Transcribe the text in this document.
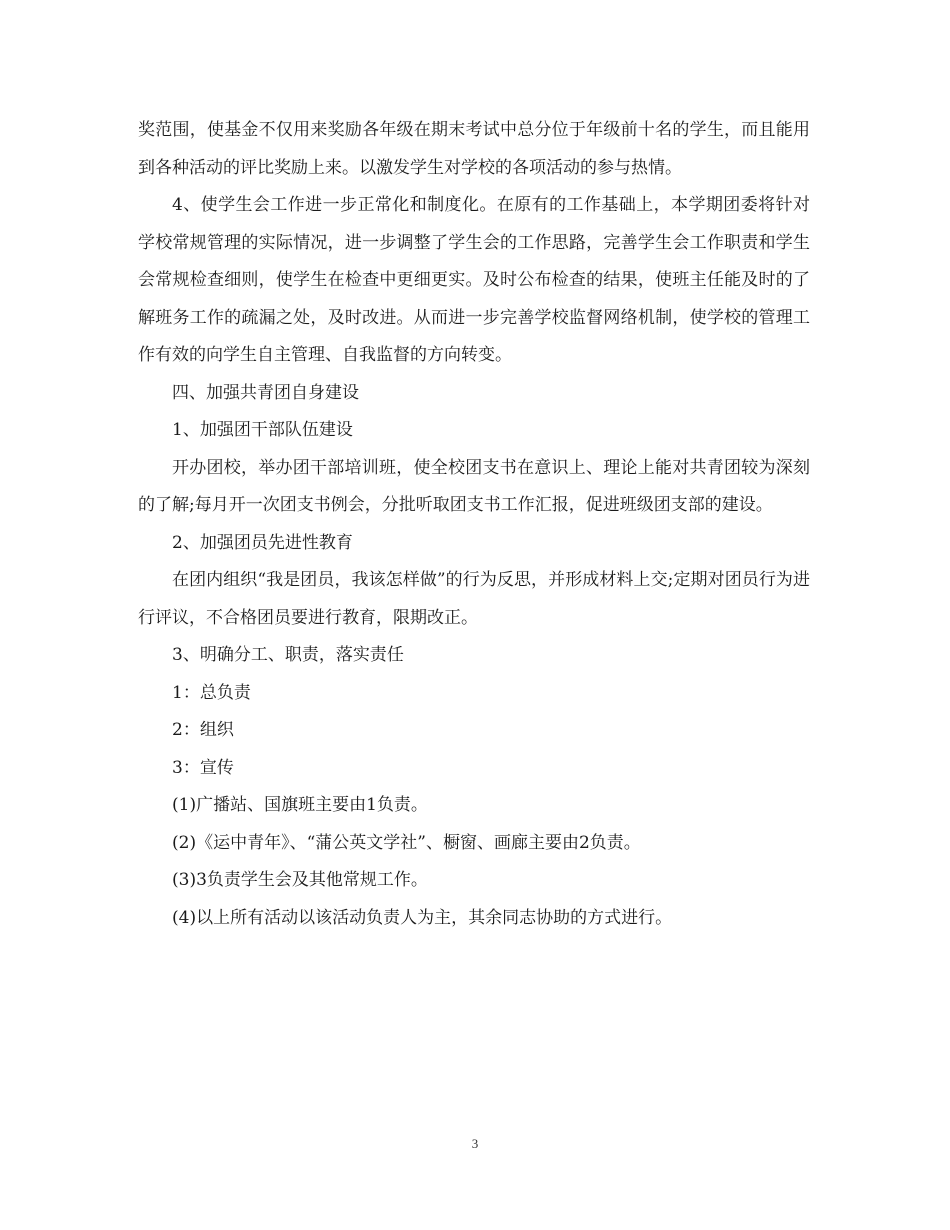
奖范围，使基金不仅用来奖励各年级在期末考试中总分位于年级前十名的学生，而且能用到各种活动的评比奖励上来。以激发学生对学校的各项活动的参与热情。

4、使学生会工作进一步正常化和制度化。在原有的工作基础上，本学期团委将针对学校常规管理的实际情况，进一步调整了学生会的工作思路，完善学生会工作职责和学生会常规检查细则，使学生在检查中更细更实。及时公布检查的结果，使班主任能及时的了解班务工作的疏漏之处，及时改进。从而进一步完善学校监督网络机制，使学校的管理工作有效的向学生自主管理、自我监督的方向转变。

四、加强共青团自身建设

1、加强团干部队伍建设

开办团校，举办团干部培训班，使全校团支书在意识上、理论上能对共青团较为深刻的了解;每月开一次团支书例会，分批听取团支书工作汇报，促进班级团支部的建设。

2、加强团员先进性教育

在团内组织“我是团员，我该怎样做”的行为反思，并形成材料上交;定期对团员行为进行评议，不合格团员要进行教育，限期改正。

3、明确分工、职责，落实责任

1：总负责

2：组织

3：宣传

(1)广播站、国旗班主要由1负责。

(2)《运中青年》、“蒲公英文学社”、橱窗、画廊主要由2负责。

(3)3负责学生会及其他常规工作。

(4)以上所有活动以该活动负责人为主，其余同志协助的方式进行。

3
